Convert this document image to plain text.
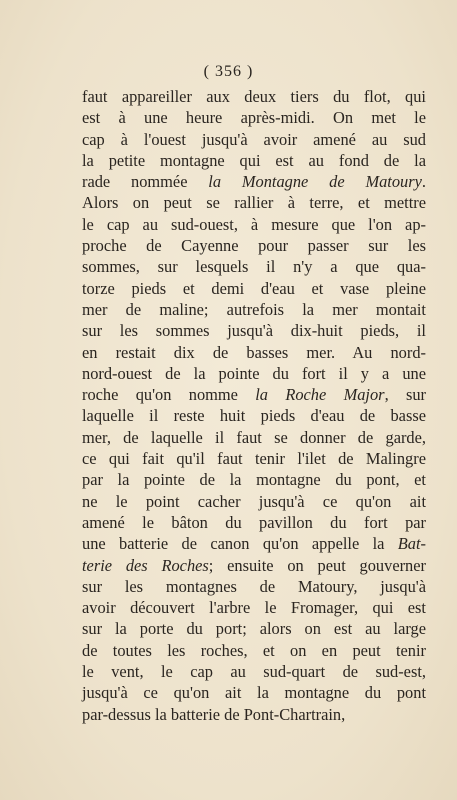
( 356 )
faut appareiller aux deux tiers du flot, qui
est à une heure après-midi. On met le
cap à l'ouest jusqu'à avoir amené au sud
la petite montagne qui est au fond de la
rade nommée la Montagne de Matoury.
Alors on peut se rallier à terre, et mettre
le cap au sud-ouest, à mesure que l'on ap-
proche de Cayenne pour passer sur les
sommes, sur lesquels il n'y a que qua-
torze pieds et demi d'eau et vase pleine
mer de maline; autrefois la mer montait
sur les sommes jusqu'à dix-huit pieds, il
en restait dix de basses mer. Au nord-
nord-ouest de la pointe du fort il y a une
roche qu'on nomme la Roche Major, sur
laquelle il reste huit pieds d'eau de basse
mer, de laquelle il faut se donner de garde,
ce qui fait qu'il faut tenir l'ilet de Malingre
par la pointe de la montagne du pont, et
ne le point cacher jusqu'à ce qu'on ait
amené le bâton du pavillon du fort par
une batterie de canon qu'on appelle la Bat-
terie des Roches; ensuite on peut gouverner
sur les montagnes de Matoury, jusqu'à
avoir découvert l'arbre le Fromager, qui est
sur la porte du port; alors on est au large
de toutes les roches, et on en peut tenir
le vent, le cap au sud-quart de sud-est,
jusqu'à ce qu'on ait la montagne du pont
par-dessus la batterie de Pont-Chartrain,
